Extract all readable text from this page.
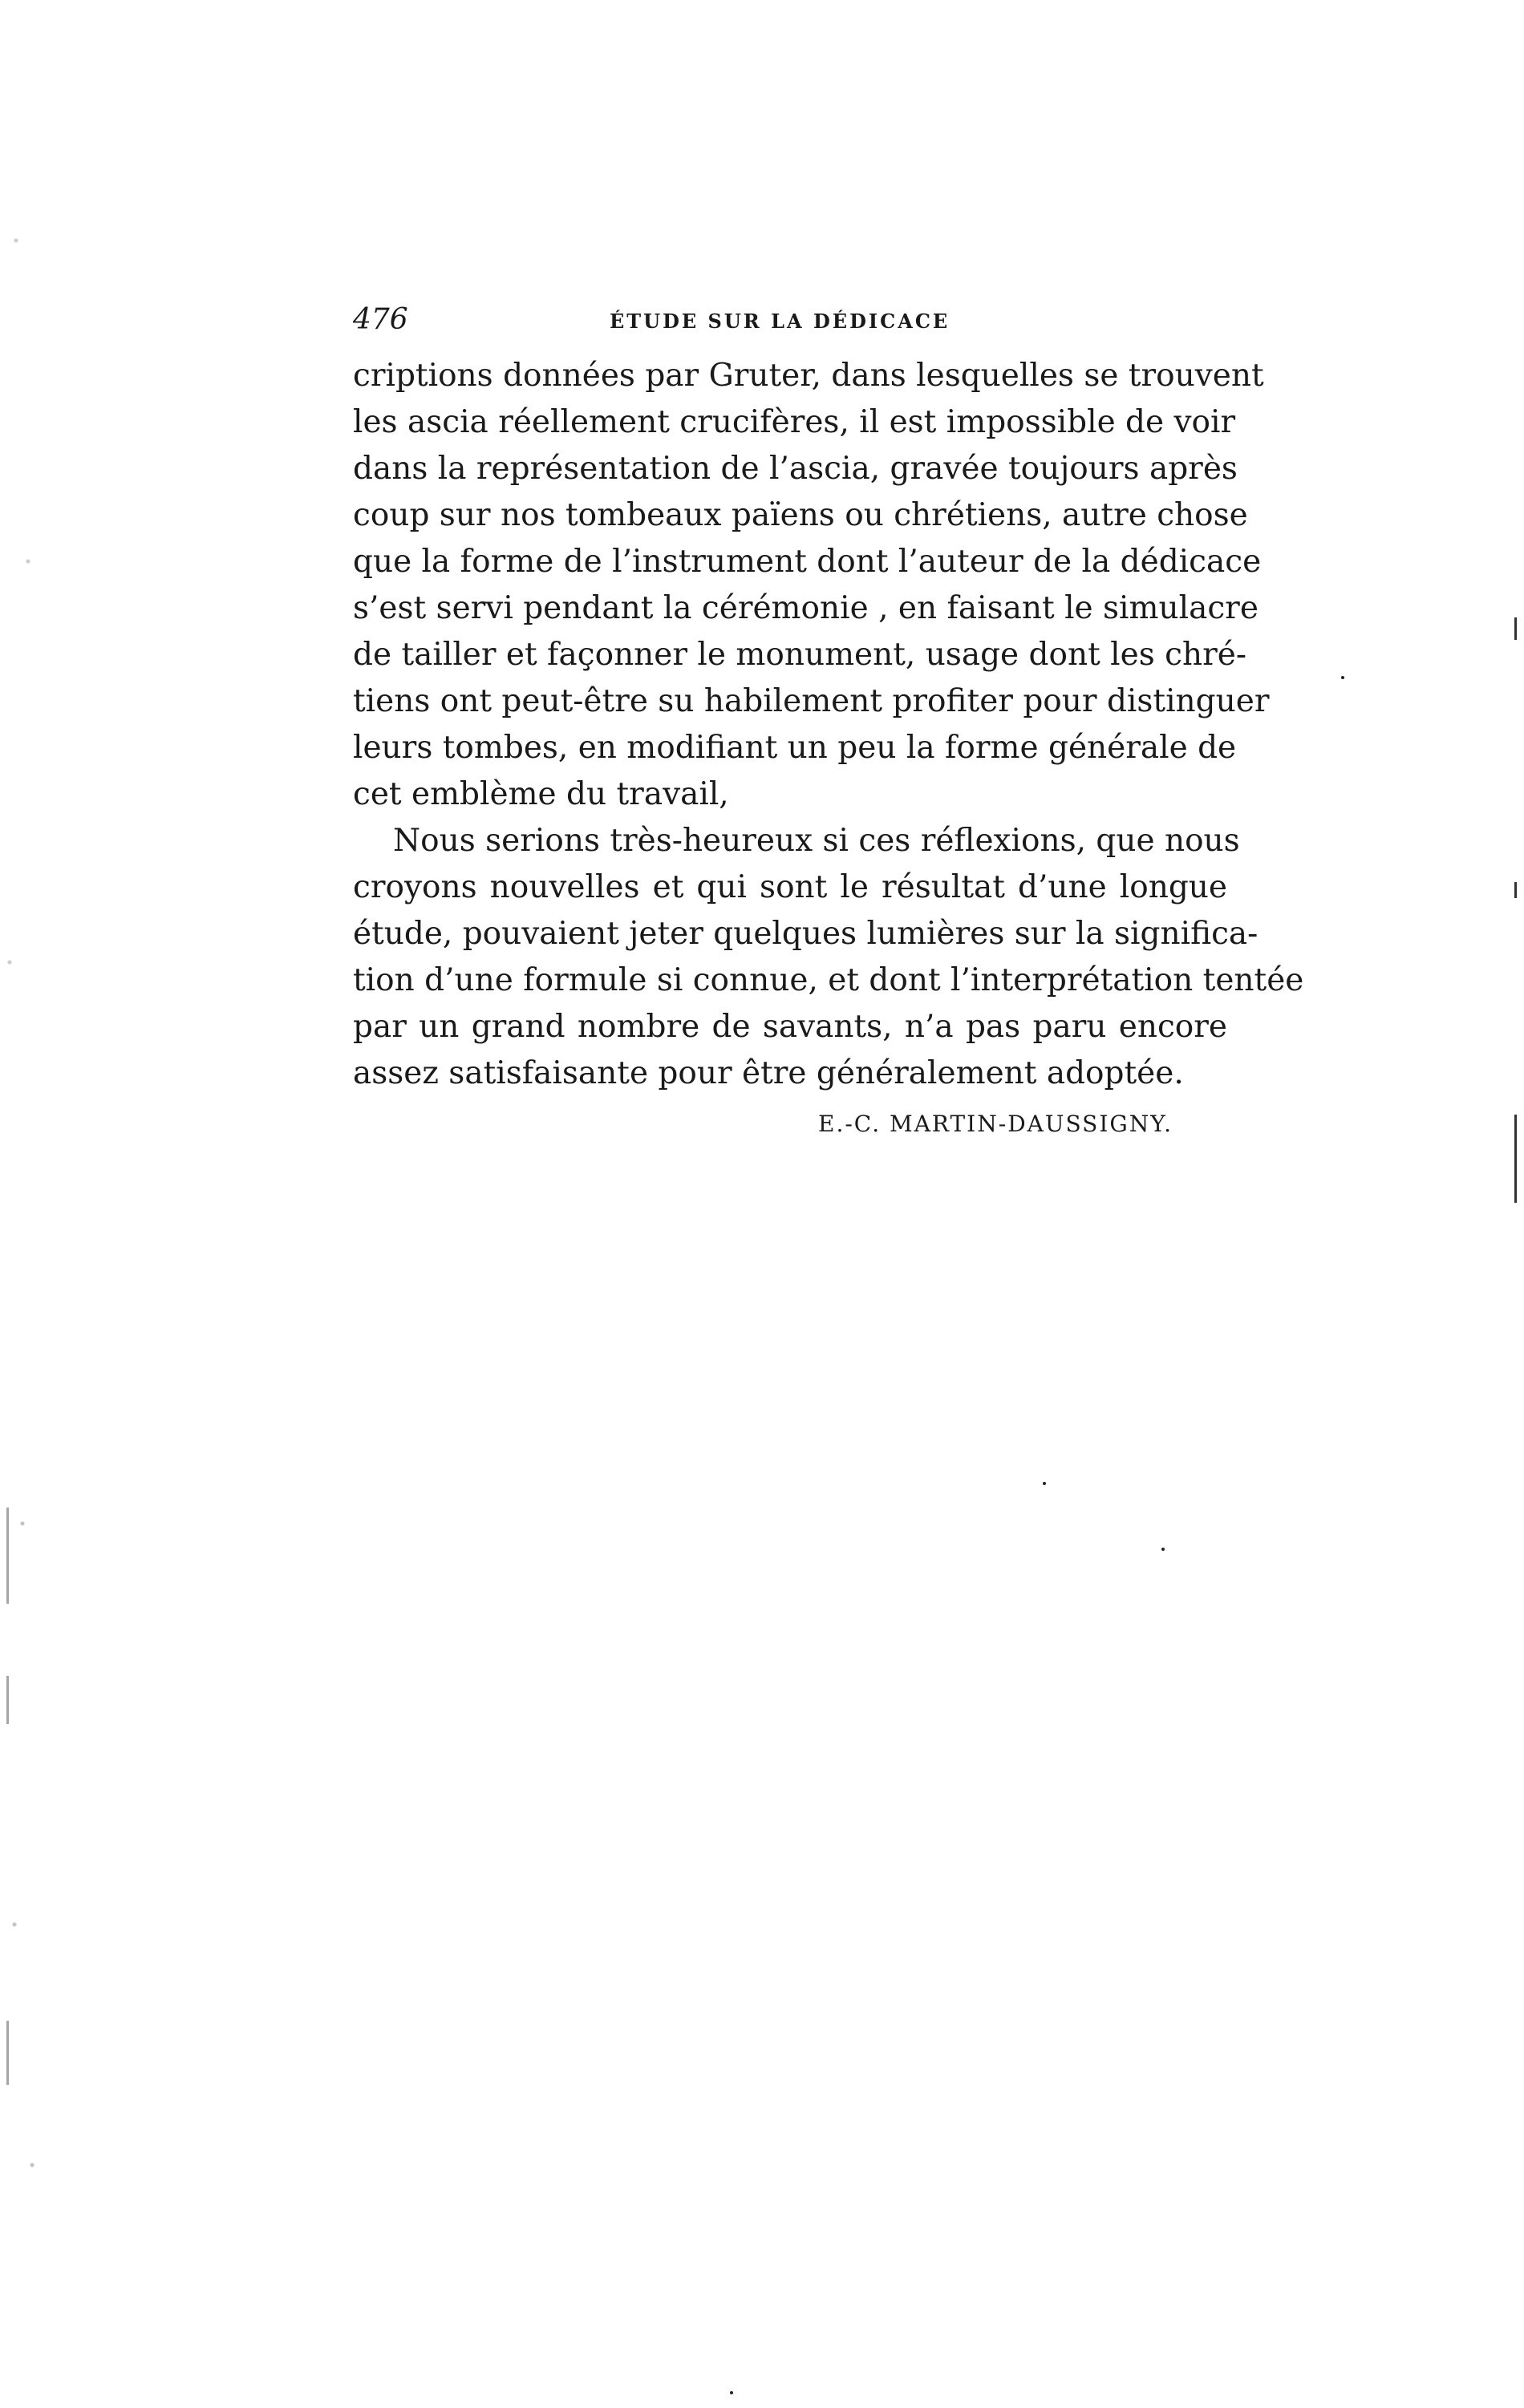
476	ÉTUDE SUR LA DÉDICACE
criptions données par Gruter, dans lesquelles se trouvent
les ascia réellement crucifères, il est impossible de voir
dans la représentation de l’ascia, gravée toujours après
coup sur nos tombeaux païens ou chrétiens, autre chose
que la forme de l’instrument dont l’auteur de la dédicace
s’est servi pendant la cérémonie , en faisant le simulacre
de tailler et façonner le monument, usage dont les chré-
tiens ont peut-être su habilement profiter pour distinguer
leurs tombes, en modifiant un peu la forme générale de
cet emblème du travail,
Nous serions très-heureux si ces réflexions, que nous
croyons nouvelles et qui sont le résultat d’une longue
étude, pouvaient jeter quelques lumières sur la significa-
tion d’une formule si connue, et dont l’interprétation tentée
par un grand nombre de savants, n’a pas paru encore
assez satisfaisante pour être généralement adoptée.
E.-C. MARTIN-DAUSSIGNY.
